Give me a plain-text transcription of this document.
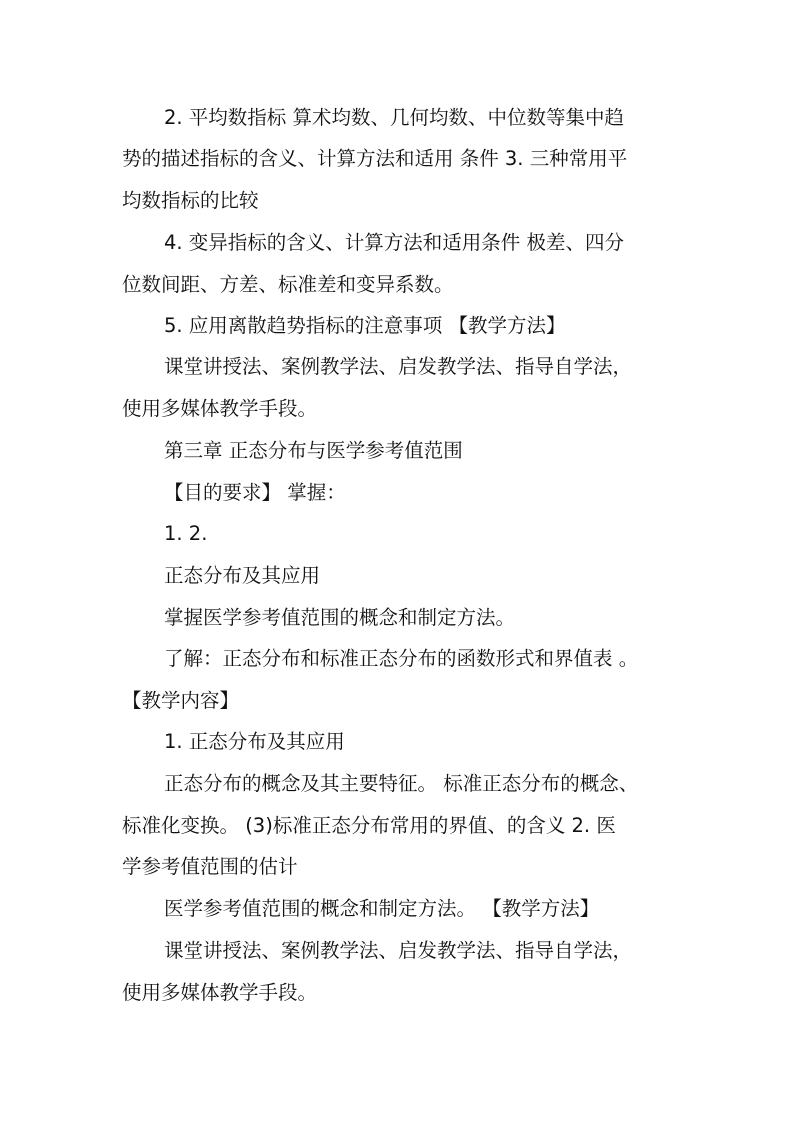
2. 平均数指标 算术均数、几何均数、中位数等集中趋
势的描述指标的含义、计算方法和适用 条件 3. 三种常用平
均数指标的比较
4. 变异指标的含义、计算方法和适用条件 极差、四分
位数间距、方差、标准差和变异系数。
5. 应用离散趋势指标的注意事项 【教学方法】
课堂讲授法、案例教学法、启发教学法、指导自学法，
使用多媒体教学手段。
第三章 正态分布与医学参考值范围
【目的要求】 掌握：
1. 2.
正态分布及其应用
掌握医学参考值范围的概念和制定方法。
了解：正态分布和标准正态分布的函数形式和界值表 。
【教学内容】
1. 正态分布及其应用
正态分布的概念及其主要特征。 标准正态分布的概念、
标准化变换。 (3)标准正态分布常用的界值、的含义 2. 医
学参考值范围的估计
医学参考值范围的概念和制定方法。 【教学方法】
课堂讲授法、案例教学法、启发教学法、指导自学法，
使用多媒体教学手段。
